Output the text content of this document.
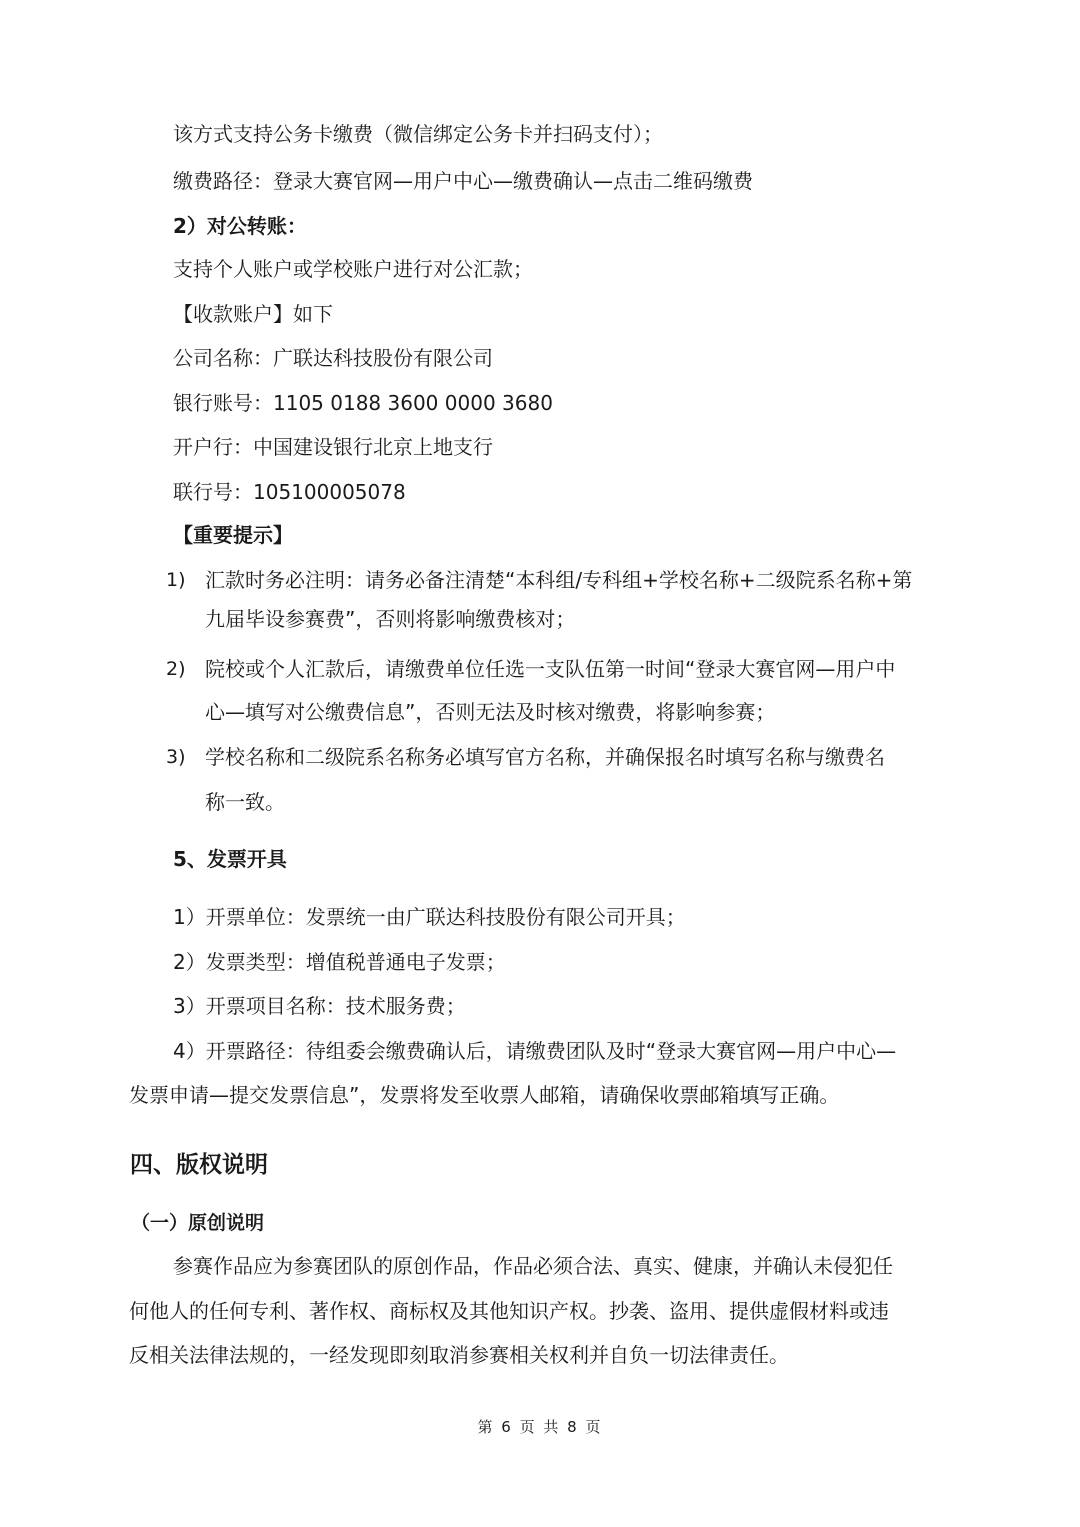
该方式支持公务卡缴费（微信绑定公务卡并扫码支付）；
缴费路径：登录大赛官网—用户中心—缴费确认—点击二维码缴费
2）对公转账：
支持个人账户或学校账户进行对公汇款；
【收款账户】如下
公司名称：广联达科技股份有限公司
银行账号：1105 0188 3600 0000 3680
开户行：中国建设银行北京上地支行
联行号：105100005078
【重要提示】
1) 汇款时务必注明：请务必备注清楚“本科组/专科组+学校名称+二级院系名称+第
九届毕设参赛费”，否则将影响缴费核对；
2) 院校或个人汇款后，请缴费单位任选一支队伍第一时间“登录大赛官网—用户中
心—填写对公缴费信息”，否则无法及时核对缴费，将影响参赛；
3) 学校名称和二级院系名称务必填写官方名称，并确保报名时填写名称与缴费名
称一致。
5、发票开具
1）开票单位：发票统一由广联达科技股份有限公司开具；
2）发票类型：增值税普通电子发票；
3）开票项目名称：技术服务费；
4）开票路径：待组委会缴费确认后，请缴费团队及时“登录大赛官网—用户中心—
发票申请—提交发票信息”，发票将发至收票人邮箱，请确保收票邮箱填写正确。
四、版权说明
（一）原创说明
参赛作品应为参赛团队的原创作品，作品必须合法、真实、健康，并确认未侵犯任
何他人的任何专利、著作权、商标权及其他知识产权。抄袭、盗用、提供虚假材料或违
反相关法律法规的，一经发现即刻取消参赛相关权利并自负一切法律责任。
第 6 页 共 8 页
